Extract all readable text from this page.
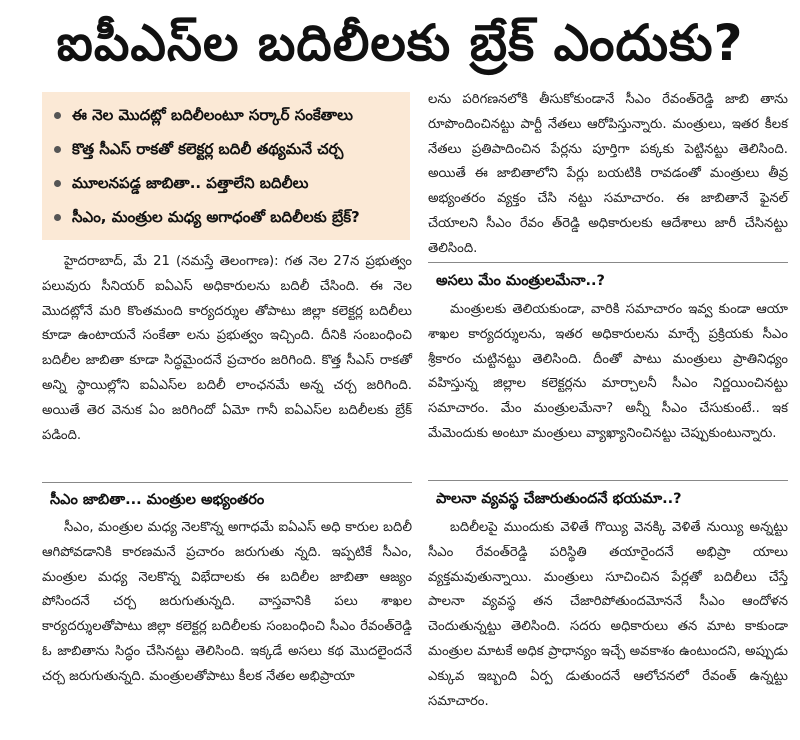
ఐపీఎస్‌ల బదిలీలకు బ్రేక్ ఎందుకు?
ఈ నెల మొదట్లో బదిలీలంటూ సర్కార్ సంకేతాలు
కొత్త సీఎస్ రాకతో కలెక్టర్ల బదిలీ తథ్యమనే చర్చ
మూలనపడ్డ జాబితా.. పత్తాలేని బదిలీలు
సీఎం, మంత్రుల మధ్య అగాధంతో బదిలీలకు బ్రేక్?

హైదరాబాద్, మే 21 (నమస్తే తెలంగాణ): గత నెల 27న ప్రభుత్వం పలువురు సీనియర్ ఐఏఎస్ అధికారులను బదిలీ చేసింది. ఈ నెల మొదట్లోనే మరి కొంతమంది కార్యదర్శుల తోపాటు జిల్లా కలెక్టర్ల బదిలీలు కూడా ఉంటాయనే సంకేతా లను ప్రభుత్వం ఇచ్చింది. దీనికి సంబంధించి బదిలీల జాబితా కూడా సిద్ధమైందనే ప్రచారం జరిగింది. కొత్త సీఎస్ రాకతో అన్ని స్థాయిల్లోని ఐఏఎస్‌ల బదిలీ లాంఛనమే అన్న చర్చ జరిగింది. అయితే తెర వెనుక ఏం జరిగిందో ఏమో గానీ ఐఏఎస్‌ల బదిలీలకు బ్రేక్ పడింది.

సీఎం జాబితా... మంత్రుల అభ్యంతరం

సీఎం, మంత్రుల మధ్య నెలకొన్న అగాధమే ఐఏఎస్ అధి కారుల బదిలీ ఆగిపోవడానికి కారణమనే ప్రచారం జరుగుతు న్నది. ఇప్పటికే సీఎం, మంత్రుల మధ్య నెలకొన్న విభేదాలకు ఈ బదిలీల జాబితా ఆజ్యం పోసిందనే చర్చ జరుగుతున్నది. వాస్తవానికి పలు శాఖల కార్యదర్శులతోపాటు జిల్లా కలెక్టర్ల బదిలీలకు సంబంధించి సీఎం రేవంత్‌రెడ్డి ఓ జాబితాను సిద్ధం చేసినట్టు తెలిసింది. ఇక్కడే అసలు కథ మొదలైందనే చర్చ జరుగుతున్నది. మంత్రులతోపాటు కీలక నేతల అభిప్రాయా

లను పరిగణనలోకి తీసుకోకుండానే సీఎం రేవంత్‌రెడ్డి జాబి తాను రూపొందించినట్టు పార్టీ నేతలు ఆరోపిస్తున్నారు. మంత్రులు, ఇతర కీలక నేతలు ప్రతిపాదించిన పేర్లను పూర్తిగా పక్కకు పెట్టినట్టు తెలిసింది. అయితే ఈ జాబితాలోని పేర్లు బయటికి రావడంతో మంత్రులు తీవ్ర అభ్యంతరం వ్యక్తం చేసి నట్టు సమాచారం. ఈ జాబితానే ఫైనల్ చేయాలని సీఎం రేవం త్‌రెడ్డి అధికారులకు ఆదేశాలు జారీ చేసినట్టు తెలిసింది.

అసలు మేం మంత్రులమేనా..?

మంత్రులకు తెలియకుండా, వారికి సమాచారం ఇవ్వ కుండా ఆయా శాఖల కార్యదర్శులను, ఇతర అధికారులను మార్చే ప్రక్రియకు సీఎం శ్రీకారం చుట్టినట్టు తెలిసింది. దీంతో పాటు మంత్రులు ప్రాతినిధ్యం వహిస్తున్న జిల్లాల కలెక్టర్లను మార్చాలనీ సీఎం నిర్ణయించినట్టు సమాచారం. మేం మంత్రులమేనా? అన్నీ సీఎం చేసుకుంటే.. ఇక మేమెందుకు అంటూ మంత్రులు వ్యాఖ్యానించినట్టు చెప్పుకుంటున్నారు.

పాలనా వ్యవస్థ చేజారుతుందనే భయమా..?

బదిలీలపై ముందుకు వెళితే గొయ్యి వెనక్కి వెళితే నుయ్యి అన్నట్టు సీఎం రేవంత్‌రెడ్డి పరిస్థితి తయారైందనే అభిప్రా యాలు వ్యక్తమవుతున్నాయి. మంత్రులు సూచించిన పేర్లతో బదిలీలు చేస్తే పాలనా వ్యవస్థ తన చేజారిపోతుందమోననే సీఎం ఆందోళన చెందుతున్నట్టు తెలిసింది. సదరు అధికారులు తన మాట కాకుండా మంత్రుల మాటకే అధిక ప్రాధాన్యం ఇచ్చే అవకాశం ఉంటుందని, అప్పుడు ఎక్కువ ఇబ్బంది ఏర్ప డుతుందనే ఆలోచనలో రేవంత్ ఉన్నట్టు సమాచారం.
